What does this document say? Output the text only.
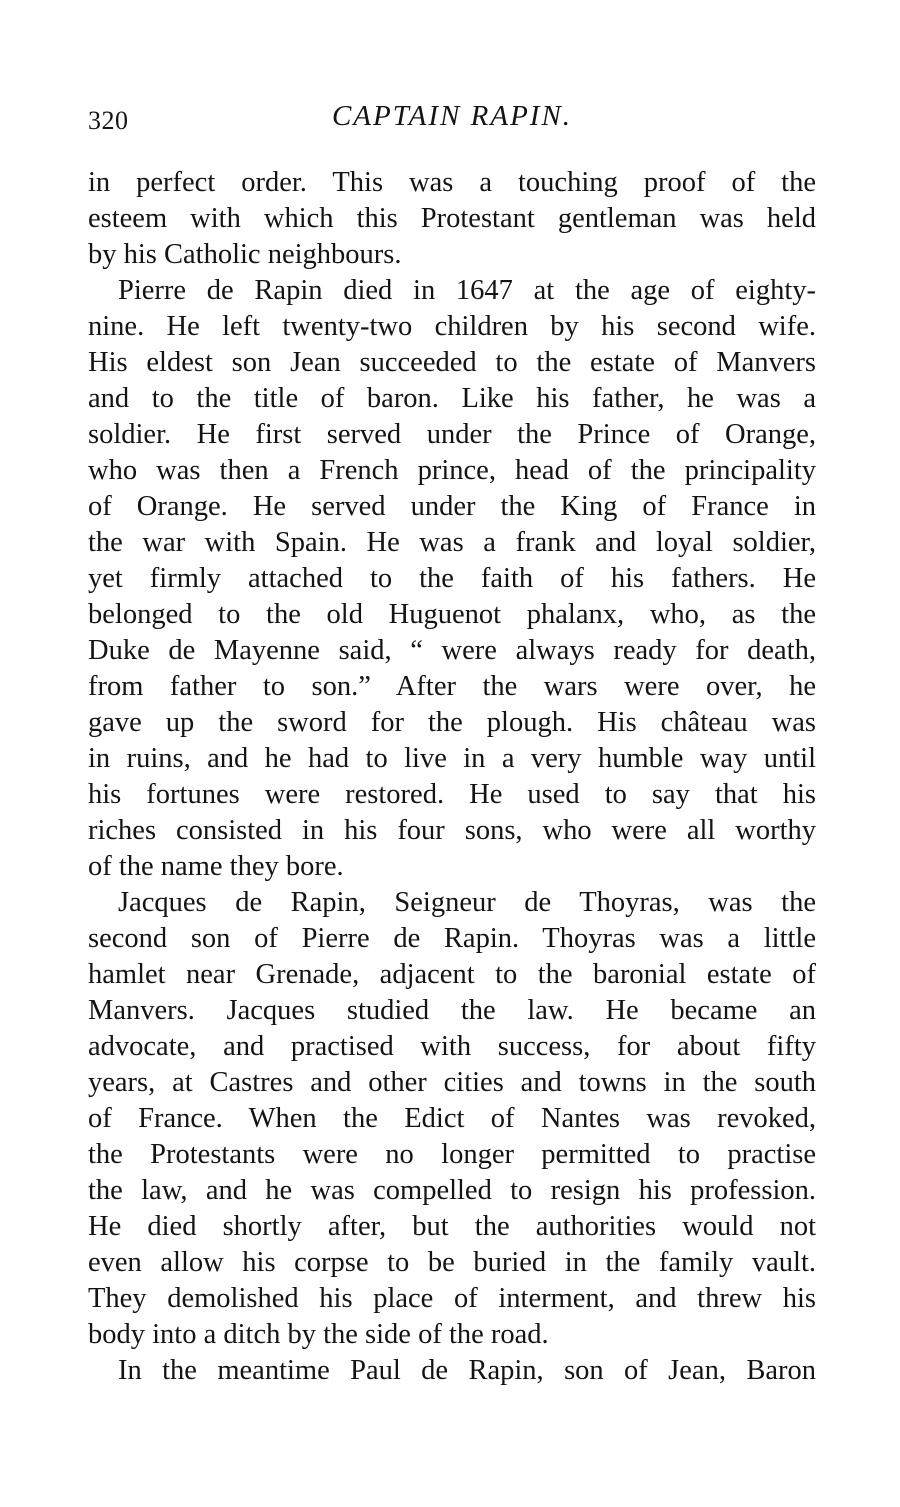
320	CAPTAIN RAPIN.
in perfect order. This was a touching proof of the
esteem with which this Protestant gentleman was held
by his Catholic neighbours.
Pierre de Rapin died in 1647 at the age of eighty-
nine. He left twenty-two children by his second wife.
His eldest son Jean succeeded to the estate of Manvers
and to the title of baron. Like his father, he was a
soldier. He first served under the Prince of Orange,
who was then a French prince, head of the principality
of Orange. He served under the King of France in
the war with Spain. He was a frank and loyal soldier,
yet firmly attached to the faith of his fathers. He
belonged to the old Huguenot phalanx, who, as the
Duke de Mayenne said, “ were always ready for death,
from father to son.” After the wars were over, he
gave up the sword for the plough. His château was
in ruins, and he had to live in a very humble way until
his fortunes were restored. He used to say that his
riches consisted in his four sons, who were all worthy
of the name they bore.
Jacques de Rapin, Seigneur de Thoyras, was the
second son of Pierre de Rapin. Thoyras was a little
hamlet near Grenade, adjacent to the baronial estate of
Manvers. Jacques studied the law. He became an
advocate, and practised with success, for about fifty
years, at Castres and other cities and towns in the south
of France. When the Edict of Nantes was revoked,
the Protestants were no longer permitted to practise
the law, and he was compelled to resign his profession.
He died shortly after, but the authorities would not
even allow his corpse to be buried in the family vault.
They demolished his place of interment, and threw his
body into a ditch by the side of the road.
In the meantime Paul de Rapin, son of Jean, Baron
